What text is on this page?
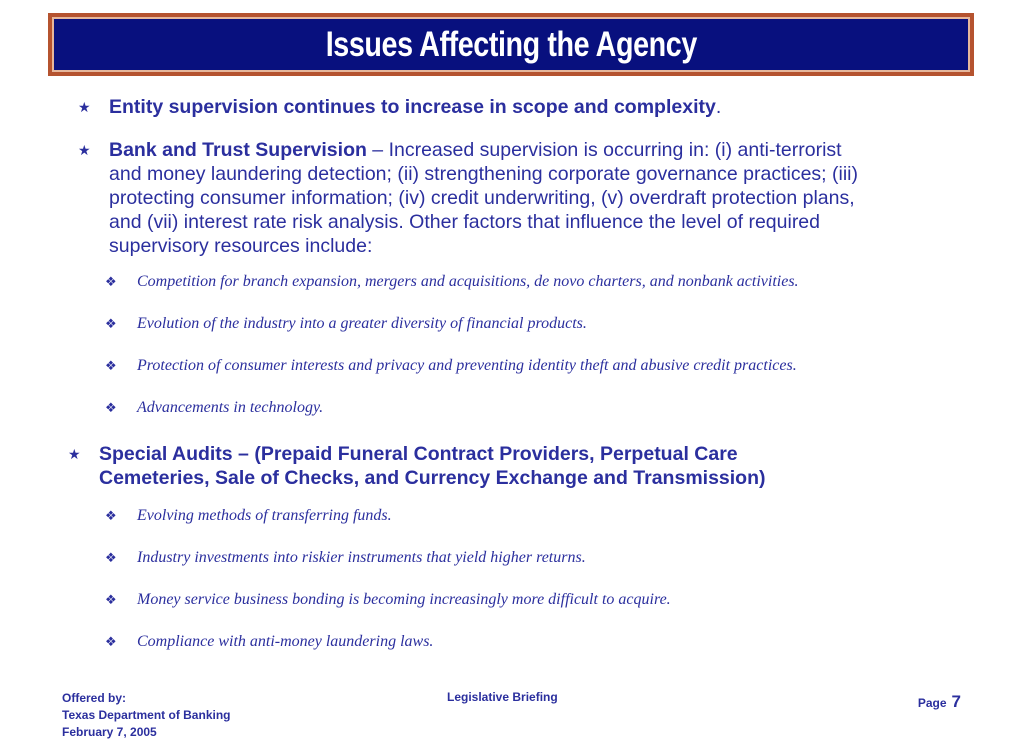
Issues Affecting the Agency
★ Entity supervision continues to increase in scope and complexity.
★ Bank and Trust Supervision – Increased supervision is occurring in: (i) anti-terrorist
and money laundering detection; (ii) strengthening corporate governance practices; (iii)
protecting consumer information; (iv) credit underwriting, (v) overdraft protection plans,
and (vii) interest rate risk analysis. Other factors that influence the level of required
supervisory resources include:
❖	Competition for branch expansion, mergers and acquisitions, de novo charters, and nonbank activities.
❖	Evolution of the industry into a greater diversity of financial products.
❖	Protection of consumer interests and privacy and preventing identity theft and abusive credit practices.
❖	Advancements in technology.
★ Special Audits – (Prepaid Funeral Contract Providers, Perpetual Care
Cemeteries, Sale of Checks, and Currency Exchange and Transmission)
❖	Evolving methods of transferring funds.
❖	Industry investments into riskier instruments that yield higher returns.
❖	Money service business bonding is becoming increasingly more difficult to acquire.
❖	Compliance with anti-money laundering laws.
Offered by:
Texas Department of Banking
February 7, 2005
Legislative Briefing	Page 7
